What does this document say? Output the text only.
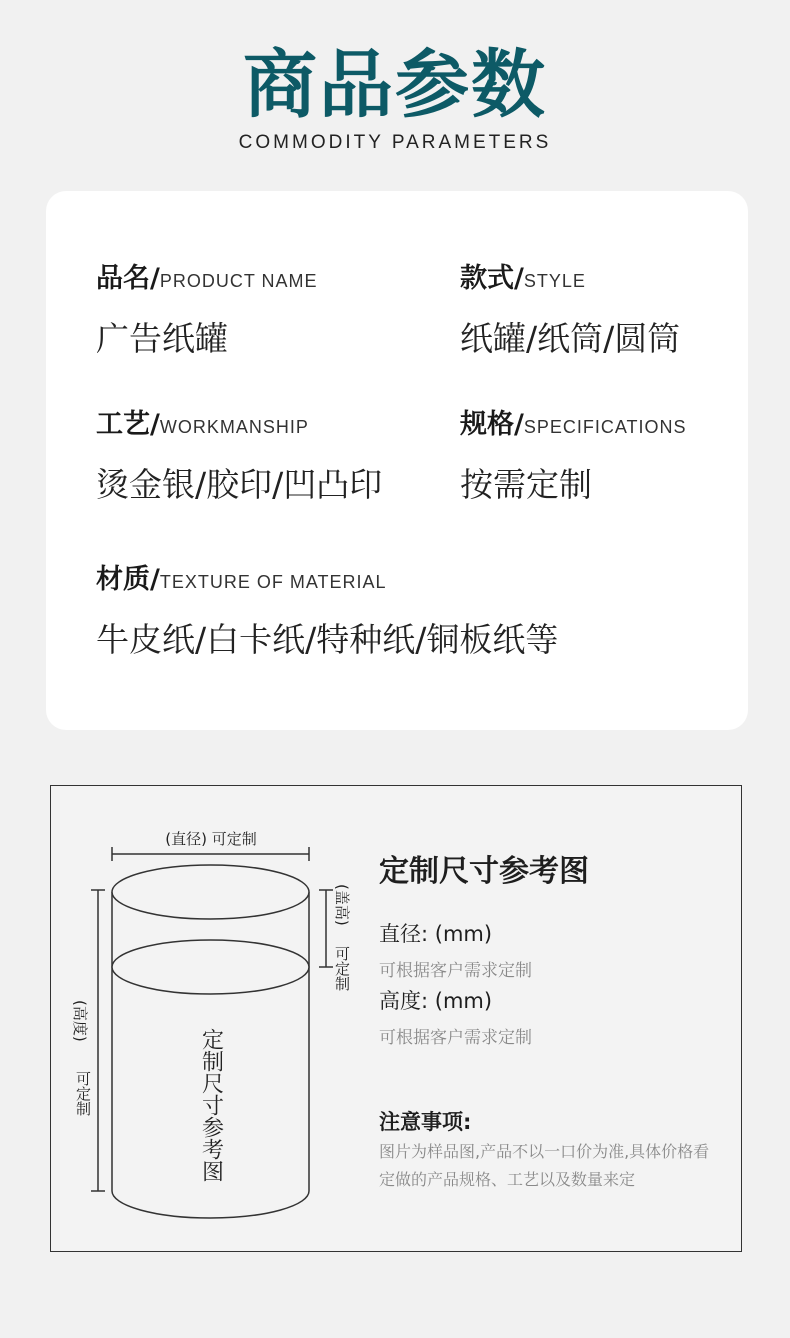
商品参数
COMMODITY PARAMETERS
品名/PRODUCT NAME
广告纸罐
款式/STYLE
纸罐/纸筒/圆筒
工艺/WORKMANSHIP
烫金银/胶印/凹凸印
规格/SPECIFICATIONS
按需定制
材质/TEXTURE OF MATERIAL
牛皮纸/白卡纸/特种纸/铜板纸等
(直径) 可定制
(盖高)
可定制
(高度)
可定制	定制尺寸参考图
定制尺寸参考图
直径: (mm)
可根据客户需求定制
高度: (mm)
可根据客户需求定制
注意事项:
图片为样品图,产品不以一口价为准,具体价格看定做的产品规格、工艺以及数量来定
